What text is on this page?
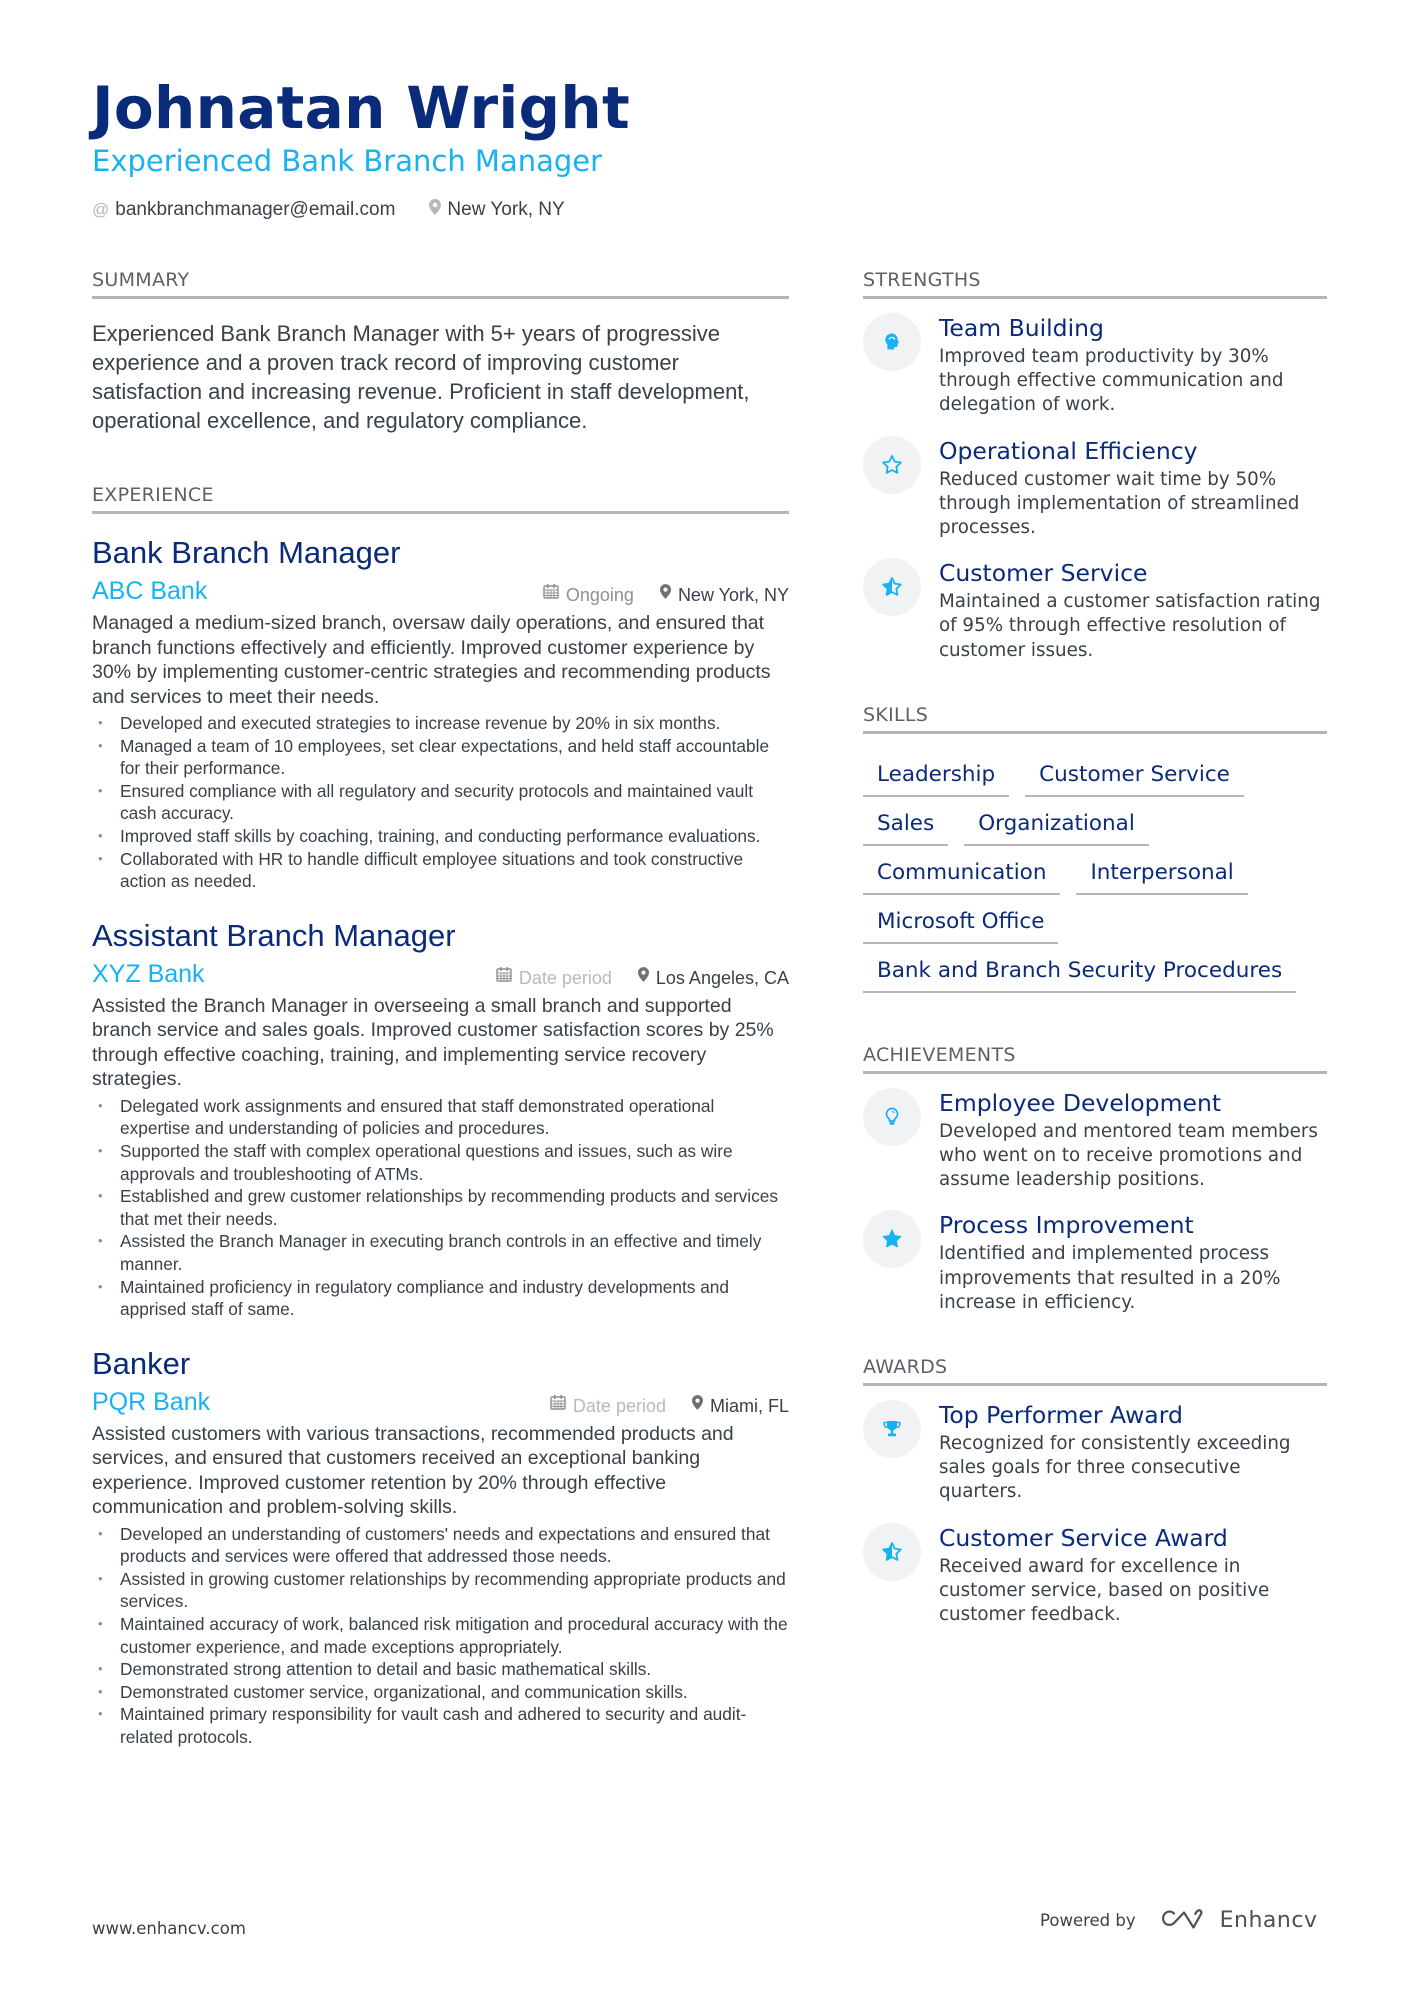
Johnatan Wright
Experienced Bank Branch Manager
@ bankbranchmanager@email.com	New York, NY
SUMMARY
Experienced Bank Branch Manager with 5+ years of progressive experience and a proven track record of improving customer satisfaction and increasing revenue. Proficient in staff development, operational excellence, and regulatory compliance.
EXPERIENCE
Bank Branch Manager
ABC Bank	Ongoing New York, NY
Managed a medium-sized branch, oversaw daily operations, and ensured that branch functions effectively and efficiently. Improved customer experience by 30% by implementing customer-centric strategies and recommending products and services to meet their needs.
• Developed and executed strategies to increase revenue by 20% in six months.
• Managed a team of 10 employees, set clear expectations, and held staff accountable for their performance.
• Ensured compliance with all regulatory and security protocols and maintained vault cash accuracy.
• Improved staff skills by coaching, training, and conducting performance evaluations.
• Collaborated with HR to handle difficult employee situations and took constructive action as needed.
Assistant Branch Manager
XYZ Bank	Date period Los Angeles, CA
Assisted the Branch Manager in overseeing a small branch and supported branch service and sales goals. Improved customer satisfaction scores by 25% through effective coaching, training, and implementing service recovery strategies.
• Delegated work assignments and ensured that staff demonstrated operational expertise and understanding of policies and procedures.
• Supported the staff with complex operational questions and issues, such as wire approvals and troubleshooting of ATMs.
• Established and grew customer relationships by recommending products and services that met their needs.
• Assisted the Branch Manager in executing branch controls in an effective and timely manner.
• Maintained proficiency in regulatory compliance and industry developments and apprised staff of same.
Banker
PQR Bank	Date period Miami, FL
Assisted customers with various transactions, recommended products and services, and ensured that customers received an exceptional banking experience. Improved customer retention by 20% through effective communication and problem-solving skills.
• Developed an understanding of customers' needs and expectations and ensured that products and services were offered that addressed those needs.
• Assisted in growing customer relationships by recommending appropriate products and services.
• Maintained accuracy of work, balanced risk mitigation and procedural accuracy with the customer experience, and made exceptions appropriately.
• Demonstrated strong attention to detail and basic mathematical skills.
• Demonstrated customer service, organizational, and communication skills.
• Maintained primary responsibility for vault cash and adhered to security and audit-related protocols.
STRENGTHS
Team Building
Improved team productivity by 30% through effective communication and delegation of work.
Operational Efficiency
Reduced customer wait time by 50% through implementation of streamlined processes.
Customer Service
Maintained a customer satisfaction rating of 95% through effective resolution of customer issues.
SKILLS
Leadership	Customer Service
Sales	Organizational
Communication	Interpersonal
Microsoft Office
Bank and Branch Security Procedures
ACHIEVEMENTS
Employee Development
Developed and mentored team members who went on to receive promotions and assume leadership positions.
Process Improvement
Identified and implemented process improvements that resulted in a 20% increase in efficiency.
AWARDS
Top Performer Award
Recognized for consistently exceeding sales goals for three consecutive quarters.
Customer Service Award
Received award for excellence in customer service, based on positive customer feedback.
www.enhancv.com	Powered by	Enhancv
